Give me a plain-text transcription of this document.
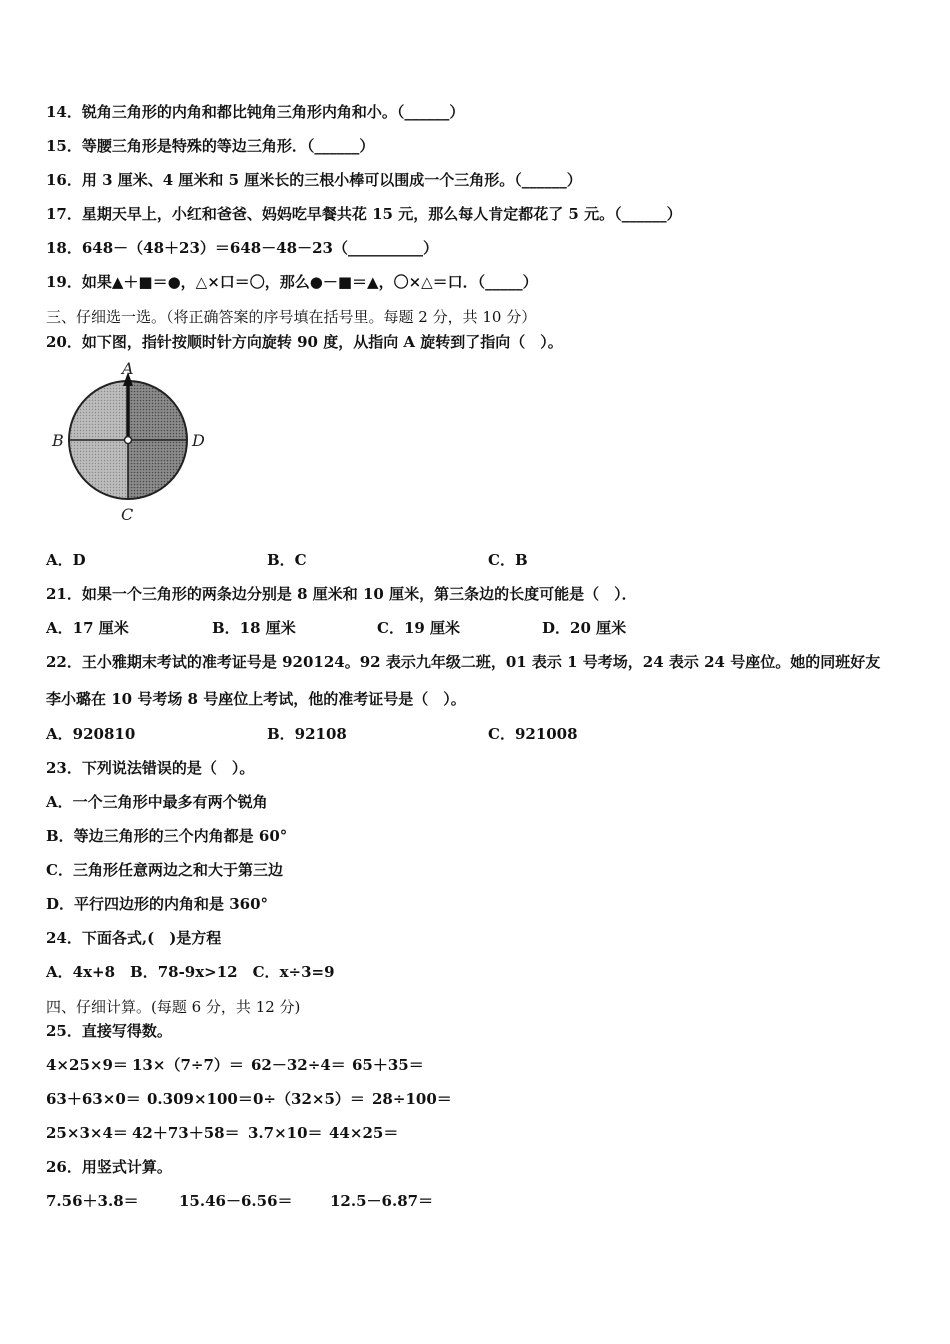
14．锐角三角形的内角和都比钝角三角形内角和小。（______）
15．等腰三角形是特殊的等边三角形．（______）
16．用 3 厘米、4 厘米和 5 厘米长的三根小棒可以围成一个三角形。（______）
17．星期天早上，小红和爸爸、妈妈吃早餐共花 15 元，那么每人肯定都花了 5 元。（______）
18．648－（48＋23）＝648－48－23（__________）
19．如果▲＋■＝●，△×口＝〇，那么●－■＝▲，〇×△＝口．（_____）
三、仔细选一选。（将正确答案的序号填在括号里。每题 2 分，共 10 分）
20．如下图，指针按顺时针方向旋转 90 度，从指向 A 旋转到了指向（　）。
A
B
C
D
A．D	B．C	C．B
21．如果一个三角形的两条边分别是 8 厘米和 10 厘米，第三条边的长度可能是（　）．
A．17 厘米	B．18 厘米	C．19 厘米	D．20 厘米
22．王小雅期末考试的准考证号是 920124。92 表示九年级二班，01 表示 1 号考场，24 表示 24 号座位。她的同班好友
李小璐在 10 号考场 8 号座位上考试，他的准考证号是（　）。
A．920810	B．92108	C．921008
23．下列说法错误的是（　）。
A．一个三角形中最多有两个锐角
B．等边三角形的三个内角都是 60°
C．三角形任意两边之和大于第三边
D．平行四边形的内角和是 360°
24．下面各式,(　)是方程
A．4x+8　B．78-9x>12　C．x÷3=9
四、仔细计算。(每题 6 分，共 12 分)
25．直接写得数。
4×25×9＝ 13×（7÷7）＝ 62－32÷4＝ 65＋35＝
63＋63×0＝ 0.309×100＝ 0÷（32×5）＝ 28÷100＝
25×3×4＝ 42＋73＋58＝ 3.7×10＝ 44×25＝
26．用竖式计算。
7.56＋3.8＝	15.46－6.56＝ 12.5－6.87＝
